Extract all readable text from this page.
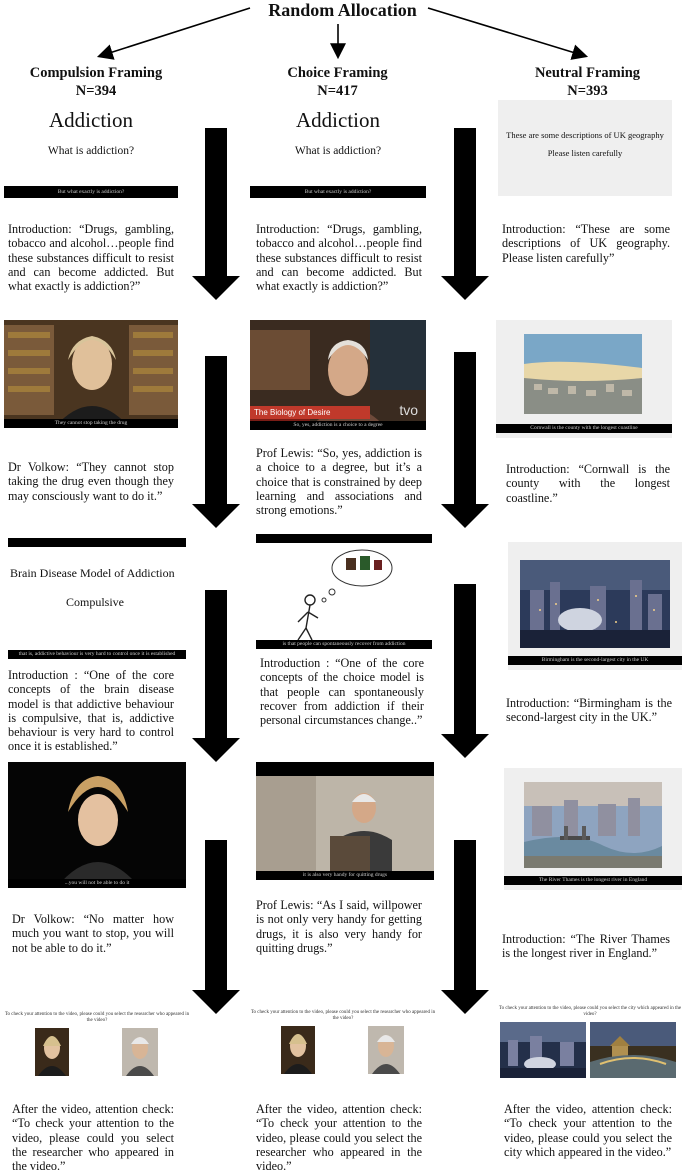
Random Allocation
Compulsion Framing
N=394
Choice Framing
N=417
Neutral Framing
N=393
Addiction
What is addiction?
But what exactly is addiction?
Introduction: “Drugs, gambling, tobacco and alcohol…people find these substances difficult to resist and can become addicted. But what exactly is addiction?”
They cannot stop taking the drug
Dr Volkow: “They cannot stop taking the drug even though they may consciously want to do it.”
Brain Disease Model of Addiction
Compulsive
that is, addictive behaviour is very hard to control once it is established
Introduction : “One of the core concepts of the brain disease model is that addictive behaviour is compulsive, that is, addictive behaviour is very hard to control once it is established.”
...you will not be able to do it
Dr Volkow: “No matter how much you want to stop, you will not be able to do it.”
To check your attention to the video, please could you select the researcher who appeared in the video?
After the video, attention check: “To check your attention to the video, please could you select the researcher who appeared in the video.”
Addiction
What is addiction?
But what exactly is addiction?
Introduction: “Drugs, gambling, tobacco and alcohol…people find these substances difficult to resist and can become addicted. But what exactly is addiction?”
The Biology of Desire	tvo
So, yes, addiction is a choice to a degree
Prof Lewis: “So, yes, addiction is a choice to a degree, but it’s a choice that is constrained by deep learning and associations and strong emotions.”
is that people can spontaneously recover from addiction
Introduction : “One of the core concepts of the choice model is that people can spontaneously recover from addiction if their personal circumstances change..”
it is also very handy for quitting drugs
Prof Lewis: “As I said, willpower is not only very handy for getting drugs, it is also very handy for quitting drugs.”
To check your attention to the video, please could you select the researcher who appeared in the video?
After the video, attention check: “To check your attention to the video, please could you select the researcher who appeared in the video.”
These are some descriptions of UK geography
Please listen carefully
Introduction: “These are some descriptions of UK geography. Please listen carefully”
Cornwall is the county with the longest coastline
Introduction: “Cornwall is the county with the longest coastline.”
Birmingham is the second-largest city in the UK
Introduction: “Birmingham is the second-largest city in the UK.”
The River Thames is the longest river in England
Introduction: “The River Thames is the longest river in England.”
To check your attention to the video, please could you select the city which appeared in the video?
After the video, attention check: “To check your attention to the video, please could you select the city which appeared in the video.”
